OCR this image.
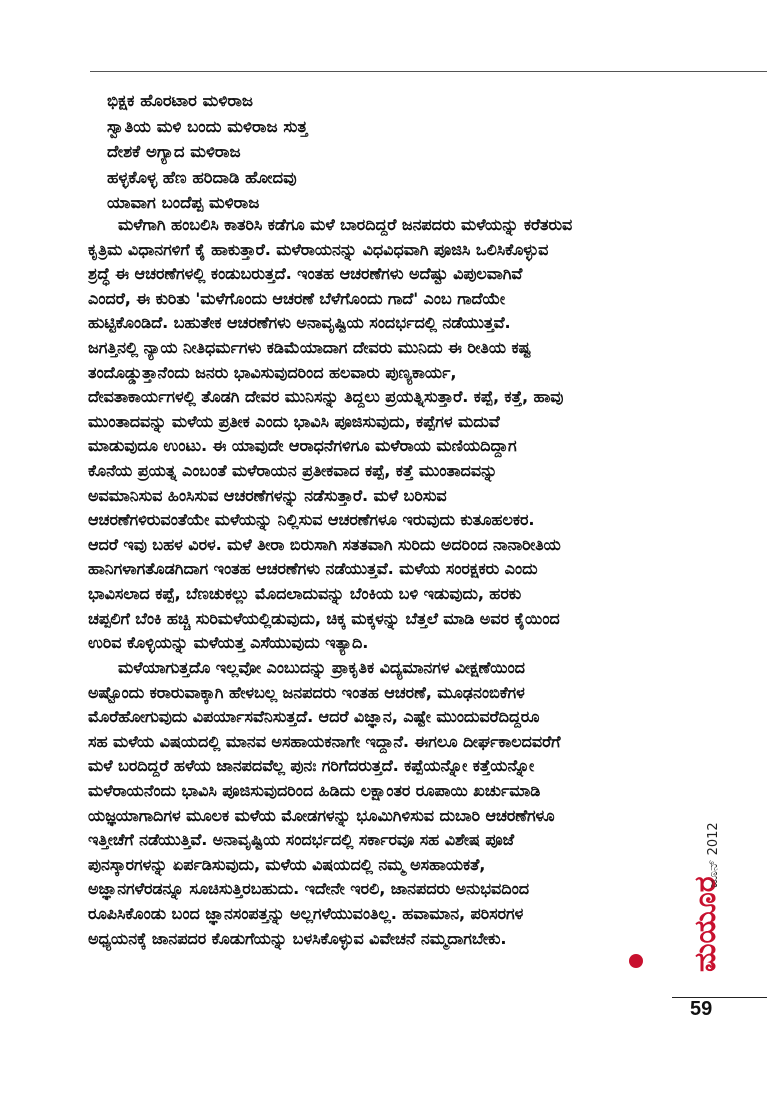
ಭಿಕ್ಷಕ ಹೊರಟಾರ ಮಳಿರಾಜ
ಸ್ವಾತಿಯ ಮಳಿ ಬಂದು ಮಳಿರಾಜ ಸುತ್ತ
ದೇಶಕೆ ಅಗ್ಯಾದ ಮಳಿರಾಜ
ಹಳ್ಳಕೊಳ್ಳ ಹೆಣ ಹರಿದಾಡಿ ಹೋದವು
ಯಾವಾಗ ಬಂದೆಪ್ಪ ಮಳಿರಾಜ
ಮಳೆಗಾಗಿ ಹಂಬಲಿಸಿ ಕಾತರಿಸಿ ಕಡೆಗೂ ಮಳೆ ಬಾರದಿದ್ದರೆ ಜನಪದರು ಮಳೆಯನ್ನು ಕರೆತರುವ
ಕೃತ್ರಿಮ ವಿಧಾನಗಳಿಗೆ ಕೈ ಹಾಕುತ್ತಾರೆ. ಮಳೆರಾಯನನ್ನು ವಿಧವಿಧವಾಗಿ ಪೂಜಿಸಿ ಒಲಿಸಿಕೊಳ್ಳುವ
ಶ್ರದ್ಧೆ ಈ ಆಚರಣೆಗಳಲ್ಲಿ ಕಂಡುಬರುತ್ತದೆ. ಇಂತಹ ಆಚರಣೆಗಳು ಅದೆಷ್ಟು ವಿಪುಲವಾಗಿವೆ
ಎಂದರೆ, ಈ ಕುರಿತು 'ಮಳೆಗೊಂದು ಆಚರಣೆ ಬೆಳೆಗೊಂದು ಗಾದೆ' ಎಂಬ ಗಾದೆಯೇ
ಹುಟ್ಟಿಕೊಂಡಿದೆ. ಬಹುತೇಕ ಆಚರಣೆಗಳು ಅನಾವೃಷ್ಟಿಯ ಸಂದರ್ಭದಲ್ಲಿ ನಡೆಯುತ್ತವೆ.
ಜಗತ್ತಿನಲ್ಲಿ ನ್ಯಾಯ ನೀತಿಧರ್ಮಗಳು ಕಡಿಮೆಯಾದಾಗ ದೇವರು ಮುನಿದು ಈ ರೀತಿಯ ಕಷ್ಟ
ತಂದೊಡ್ಡುತ್ತಾನೆಂದು ಜನರು ಭಾವಿಸುವುದರಿಂದ ಹಲವಾರು ಪುಣ್ಯಕಾರ್ಯ,
ದೇವತಾಕಾರ್ಯಗಳಲ್ಲಿ ತೊಡಗಿ ದೇವರ ಮುನಿಸನ್ನು ತಿದ್ದಲು ಪ್ರಯತ್ನಿಸುತ್ತಾರೆ. ಕಪ್ಪೆ, ಕತ್ತೆ, ಹಾವು
ಮುಂತಾದವನ್ನು ಮಳೆಯ ಪ್ರತೀಕ ಎಂದು ಭಾವಿಸಿ ಪೂಜಿಸುವುದು, ಕಪ್ಪೆಗಳ ಮದುವೆ
ಮಾಡುವುದೂ ಉಂಟು. ಈ ಯಾವುದೇ ಆರಾಧನೆಗಳಿಗೂ ಮಳೆರಾಯ ಮಣಿಯದಿದ್ದಾಗ
ಕೊನೆಯ ಪ್ರಯತ್ನ ಎಂಬಂತೆ ಮಳೆರಾಯನ ಪ್ರತೀಕವಾದ ಕಪ್ಪೆ, ಕತ್ತೆ ಮುಂತಾದವನ್ನು
ಅವಮಾನಿಸುವ ಹಿಂಸಿಸುವ ಆಚರಣೆಗಳನ್ನು ನಡೆಸುತ್ತಾರೆ. ಮಳೆ ಬರಿಸುವ
ಆಚರಣೆಗಳಿರುವಂತೆಯೇ ಮಳೆಯನ್ನು ನಿಲ್ಲಿಸುವ ಆಚರಣೆಗಳೂ ಇರುವುದು ಕುತೂಹಲಕರ.
ಆದರೆ ಇವು ಬಹಳ ವಿರಳ. ಮಳೆ ತೀರಾ ಬಿರುಸಾಗಿ ಸತತವಾಗಿ ಸುರಿದು ಅದರಿಂದ ನಾನಾರೀತಿಯ
ಹಾನಿಗಳಾಗತೊಡಗಿದಾಗ ಇಂತಹ ಆಚರಣೆಗಳು ನಡೆಯುತ್ತವೆ. ಮಳೆಯ ಸಂರಕ್ಷಕರು ಎಂದು
ಭಾವಿಸಲಾದ ಕಪ್ಪೆ, ಬೆಣಚುಕಲ್ಲು ಮೊದಲಾದುವನ್ನು ಬೆಂಕಿಯ ಬಳಿ ಇಡುವುದು, ಹರಕು
ಚಪ್ಪಲಿಗೆ ಬೆಂಕಿ ಹಚ್ಚಿ ಸುರಿಮಳೆಯಲ್ಲಿಡುವುದು, ಚಿಕ್ಕ ಮಕ್ಕಳನ್ನು ಬೆತ್ತಲೆ ಮಾಡಿ ಅವರ ಕೈಯಿಂದ
ಉರಿವ ಕೊಳ್ಳಿಯನ್ನು ಮಳೆಯತ್ತ ಎಸೆಯುವುದು ಇತ್ಯಾದಿ.
ಮಳೆಯಾಗುತ್ತದೊ ಇಲ್ಲವೋ ಎಂಬುದನ್ನು ಪ್ರಾಕೃತಿಕ ವಿದ್ಯಮಾನಗಳ ವೀಕ್ಷಣೆಯಿಂದ
ಅಷ್ಟೊಂದು ಕರಾರುವಾಕ್ಕಾಗಿ ಹೇಳಬಲ್ಲ ಜನಪದರು ಇಂತಹ ಆಚರಣೆ, ಮೂಢನಂಬಿಕೆಗಳ
ಮೊರೆಹೋಗುವುದು ವಿಪರ್ಯಾಸವೆನಿಸುತ್ತದೆ. ಆದರೆ ವಿಜ್ಞಾನ, ಎಷ್ಟೇ ಮುಂದುವರೆದಿದ್ದರೂ
ಸಹ ಮಳೆಯ ವಿಷಯದಲ್ಲಿ ಮಾನವ ಅಸಹಾಯಕನಾಗೇ ಇದ್ದಾನೆ. ಈಗಲೂ ದೀರ್ಘಕಾಲದವರೆಗೆ
ಮಳೆ ಬರದಿದ್ದರೆ ಹಳೆಯ ಜಾನಪದವೆಲ್ಲ ಪುನಃ ಗರಿಗೆದರುತ್ತದೆ. ಕಪ್ಪೆಯನ್ನೋ ಕತ್ತೆಯನ್ನೋ
ಮಳೆರಾಯನೆಂದು ಭಾವಿಸಿ ಪೂಜಿಸುವುದರಿಂದ ಹಿಡಿದು ಲಕ್ಷಾಂತರ ರೂಪಾಯಿ ಖರ್ಚುಮಾಡಿ
ಯಜ್ಞಯಾಗಾದಿಗಳ ಮೂಲಕ ಮಳೆಯ ಮೋಡಗಳನ್ನು ಭೂಮಿಗಿಳಿಸುವ ದುಬಾರಿ ಆಚರಣೆಗಳೂ
ಇತ್ತೀಚೆಗೆ ನಡೆಯುತ್ತಿವೆ. ಅನಾವೃಷ್ಟಿಯ ಸಂದರ್ಭದಲ್ಲಿ ಸರ್ಕಾರವೂ ಸಹ ವಿಶೇಷ ಪೂಜೆ
ಪುನಸ್ಕಾರಗಳನ್ನು ಏರ್ಪಡಿಸುವುದು, ಮಳೆಯ ವಿಷಯದಲ್ಲಿ ನಮ್ಮ ಅಸಹಾಯಕತೆ,
ಅಜ್ಞಾನಗಳೆರಡನ್ನೂ ಸೂಚಿಸುತ್ತಿರಬಹುದು. ಇದೇನೇ ಇರಲಿ, ಜಾನಪದರು ಅನುಭವದಿಂದ
ರೂಪಿಸಿಕೊಂಡು ಬಂದ ಜ್ಞಾನಸಂಪತ್ತನ್ನು ಅಲ್ಲಗಳೆಯುವಂತಿಲ್ಲ. ಹವಾಮಾನ, ಪರಿಸರಗಳ
ಅಧ್ಯಯನಕ್ಕೆ ಜಾನಪದರ ಕೊಡುಗೆಯನ್ನು ಬಳಸಿಕೊಳ್ಳುವ ವಿವೇಚನೆ ನಮ್ಮದಾಗಬೇಕು.	ಮಯೂರ
ಜೂನ್ 2012
59
